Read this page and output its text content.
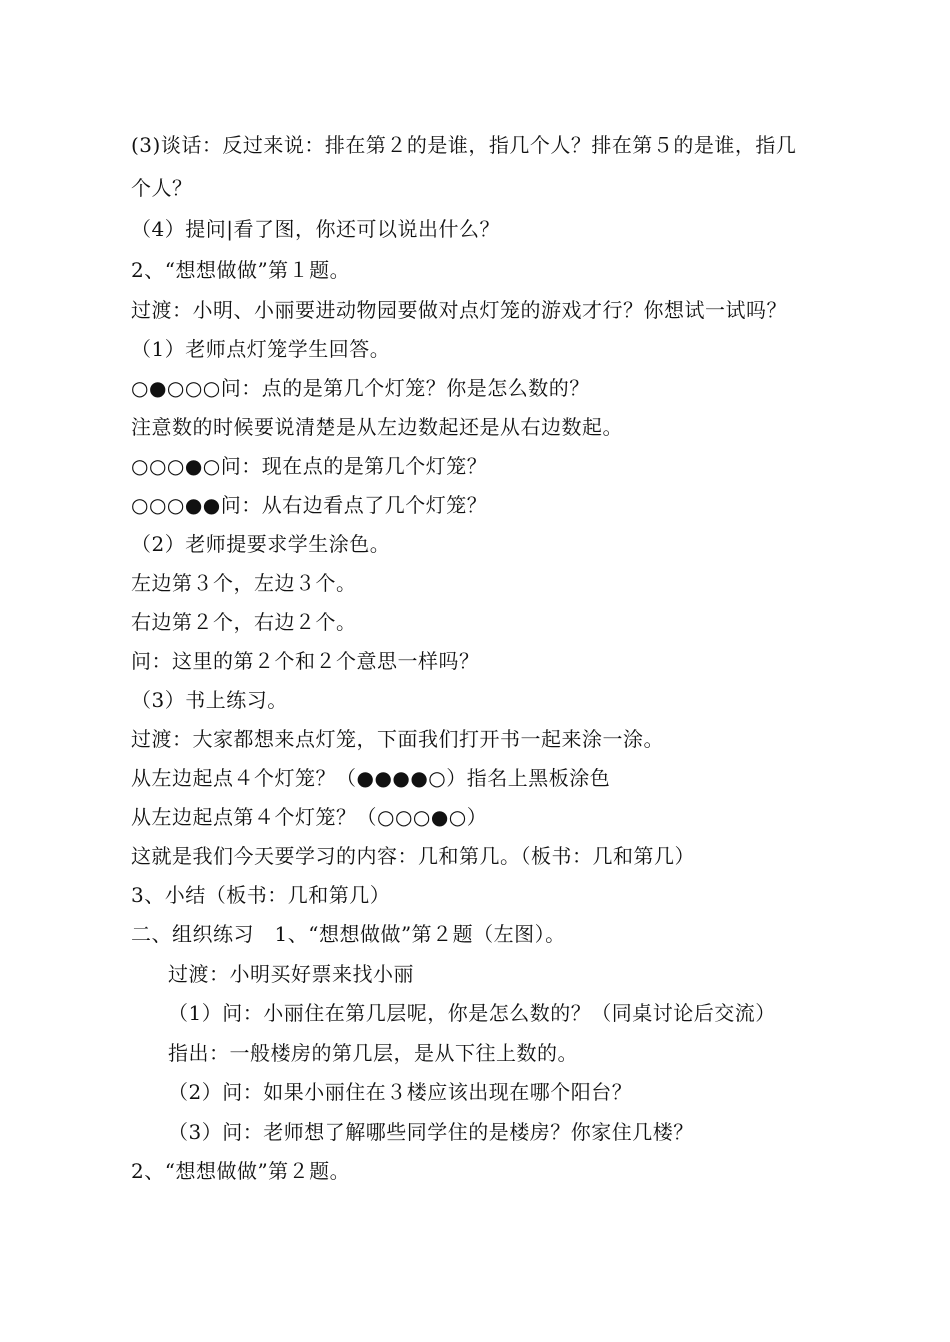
(3)谈话：反过来说：排在第２的是谁，指几个人？排在第５的是谁，指几
个人？
（4）提问|看了图，你还可以说出什么？
2、“想想做做”第１题。
过渡：小明、小丽要进动物园要做对点灯笼的游戏才行？你想试一试吗？
（1）老师点灯笼学生回答。
○●○○○问：点的是第几个灯笼？你是怎么数的？
注意数的时候要说清楚是从左边数起还是从右边数起。
○○○●○问：现在点的是第几个灯笼？
○○○●●问：从右边看点了几个灯笼？
（2）老师提要求学生涂色。
左边第３个，左边３个。
右边第２个，右边２个。
问：这里的第２个和２个意思一样吗？
（3）书上练习。
过渡：大家都想来点灯笼，下面我们打开书一起来涂一涂。
从左边起点４个灯笼？（●●●●○）指名上黑板涂色
从左边起点第４个灯笼？（○○○●○）
这就是我们今天要学习的内容：几和第几。（板书：几和第几）
3、小结（板书：几和第几）
二、组织练习　1、“想想做做”第２题（左图）。
过渡：小明买好票来找小丽
（1）问：小丽住在第几层呢，你是怎么数的？（同桌讨论后交流）
指出：一般楼房的第几层，是从下往上数的。
（2）问：如果小丽住在３楼应该出现在哪个阳台？
（3）问：老师想了解哪些同学住的是楼房？你家住几楼？
2、“想想做做”第２题。
